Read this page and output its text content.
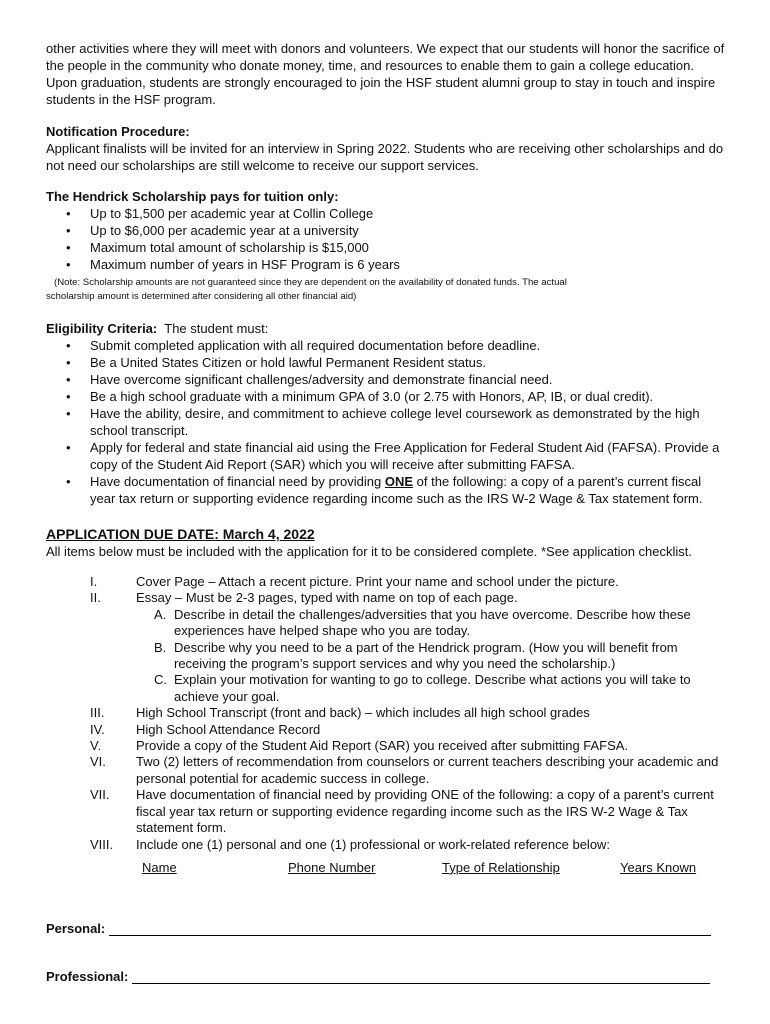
other activities where they will meet with donors and volunteers. We expect that our students will honor the sacrifice of the people in the community who donate money, time, and resources to enable them to gain a college education. Upon graduation, students are strongly encouraged to join the HSF student alumni group to stay in touch and inspire students in the HSF program.

Notification Procedure:

Applicant finalists will be invited for an interview in Spring 2022. Students who are receiving other scholarships and do not need our scholarships are still welcome to receive our support services.

The Hendrick Scholarship pays for tuition only:

• Up to $1,500 per academic year at Collin College
• Up to $6,000 per academic year at a university
• Maximum total amount of scholarship is $15,000
• Maximum number of years in HSF Program is 6 years

(Note: Scholarship amounts are not guaranteed since they are dependent on the availability of donated funds. The actual

scholarship amount is determined after considering all other financial aid)

Eligibility Criteria: The student must:

• Submit completed application with all required documentation before deadline.
• Be a United States Citizen or hold lawful Permanent Resident status.
• Have overcome significant challenges/adversity and demonstrate financial need.
• Be a high school graduate with a minimum GPA of 3.0 (or 2.75 with Honors, AP, IB, or dual credit).
• Have the ability, desire, and commitment to achieve college level coursework as demonstrated by the high school transcript.
• Apply for federal and state financial aid using the Free Application for Federal Student Aid (FAFSA). Provide a copy of the Student Aid Report (SAR) which you will receive after submitting FAFSA.
• Have documentation of financial need by providing ONE of the following: a copy of a parent’s current fiscal year tax return or supporting evidence regarding income such as the IRS W-2 Wage & Tax statement form.

APPLICATION DUE DATE: March 4, 2022

All items below must be included with the application for it to be considered complete. *See application checklist.

I.	Cover Page – Attach a recent picture. Print your name and school under the picture.
II.	Essay – Must be 2-3 pages, typed with name on top of each page.
A. Describe in detail the challenges/adversities that you have overcome. Describe how these experiences have helped shape who you are today.
B. Describe why you need to be a part of the Hendrick program. (How you will benefit from receiving the program’s support services and why you need the scholarship.)
C. Explain your motivation for wanting to go to college. Describe what actions you will take to achieve your goal.
III.	High School Transcript (front and back) – which includes all high school grades
IV.	High School Attendance Record
V.	Provide a copy of the Student Aid Report (SAR) you received after submitting FAFSA.
VI.	Two (2) letters of recommendation from counselors or current teachers describing your academic and personal potential for academic success in college.
VII.	Have documentation of financial need by providing ONE of the following: a copy of a parent’s current fiscal year tax return or supporting evidence regarding income such as the IRS W-2 Wage & Tax statement form.
VIII.	Include one (1) personal and one (1) professional or work-related reference below:
Name	Phone Number	Type of Relationship	Years Known
Personal:
Professional:
